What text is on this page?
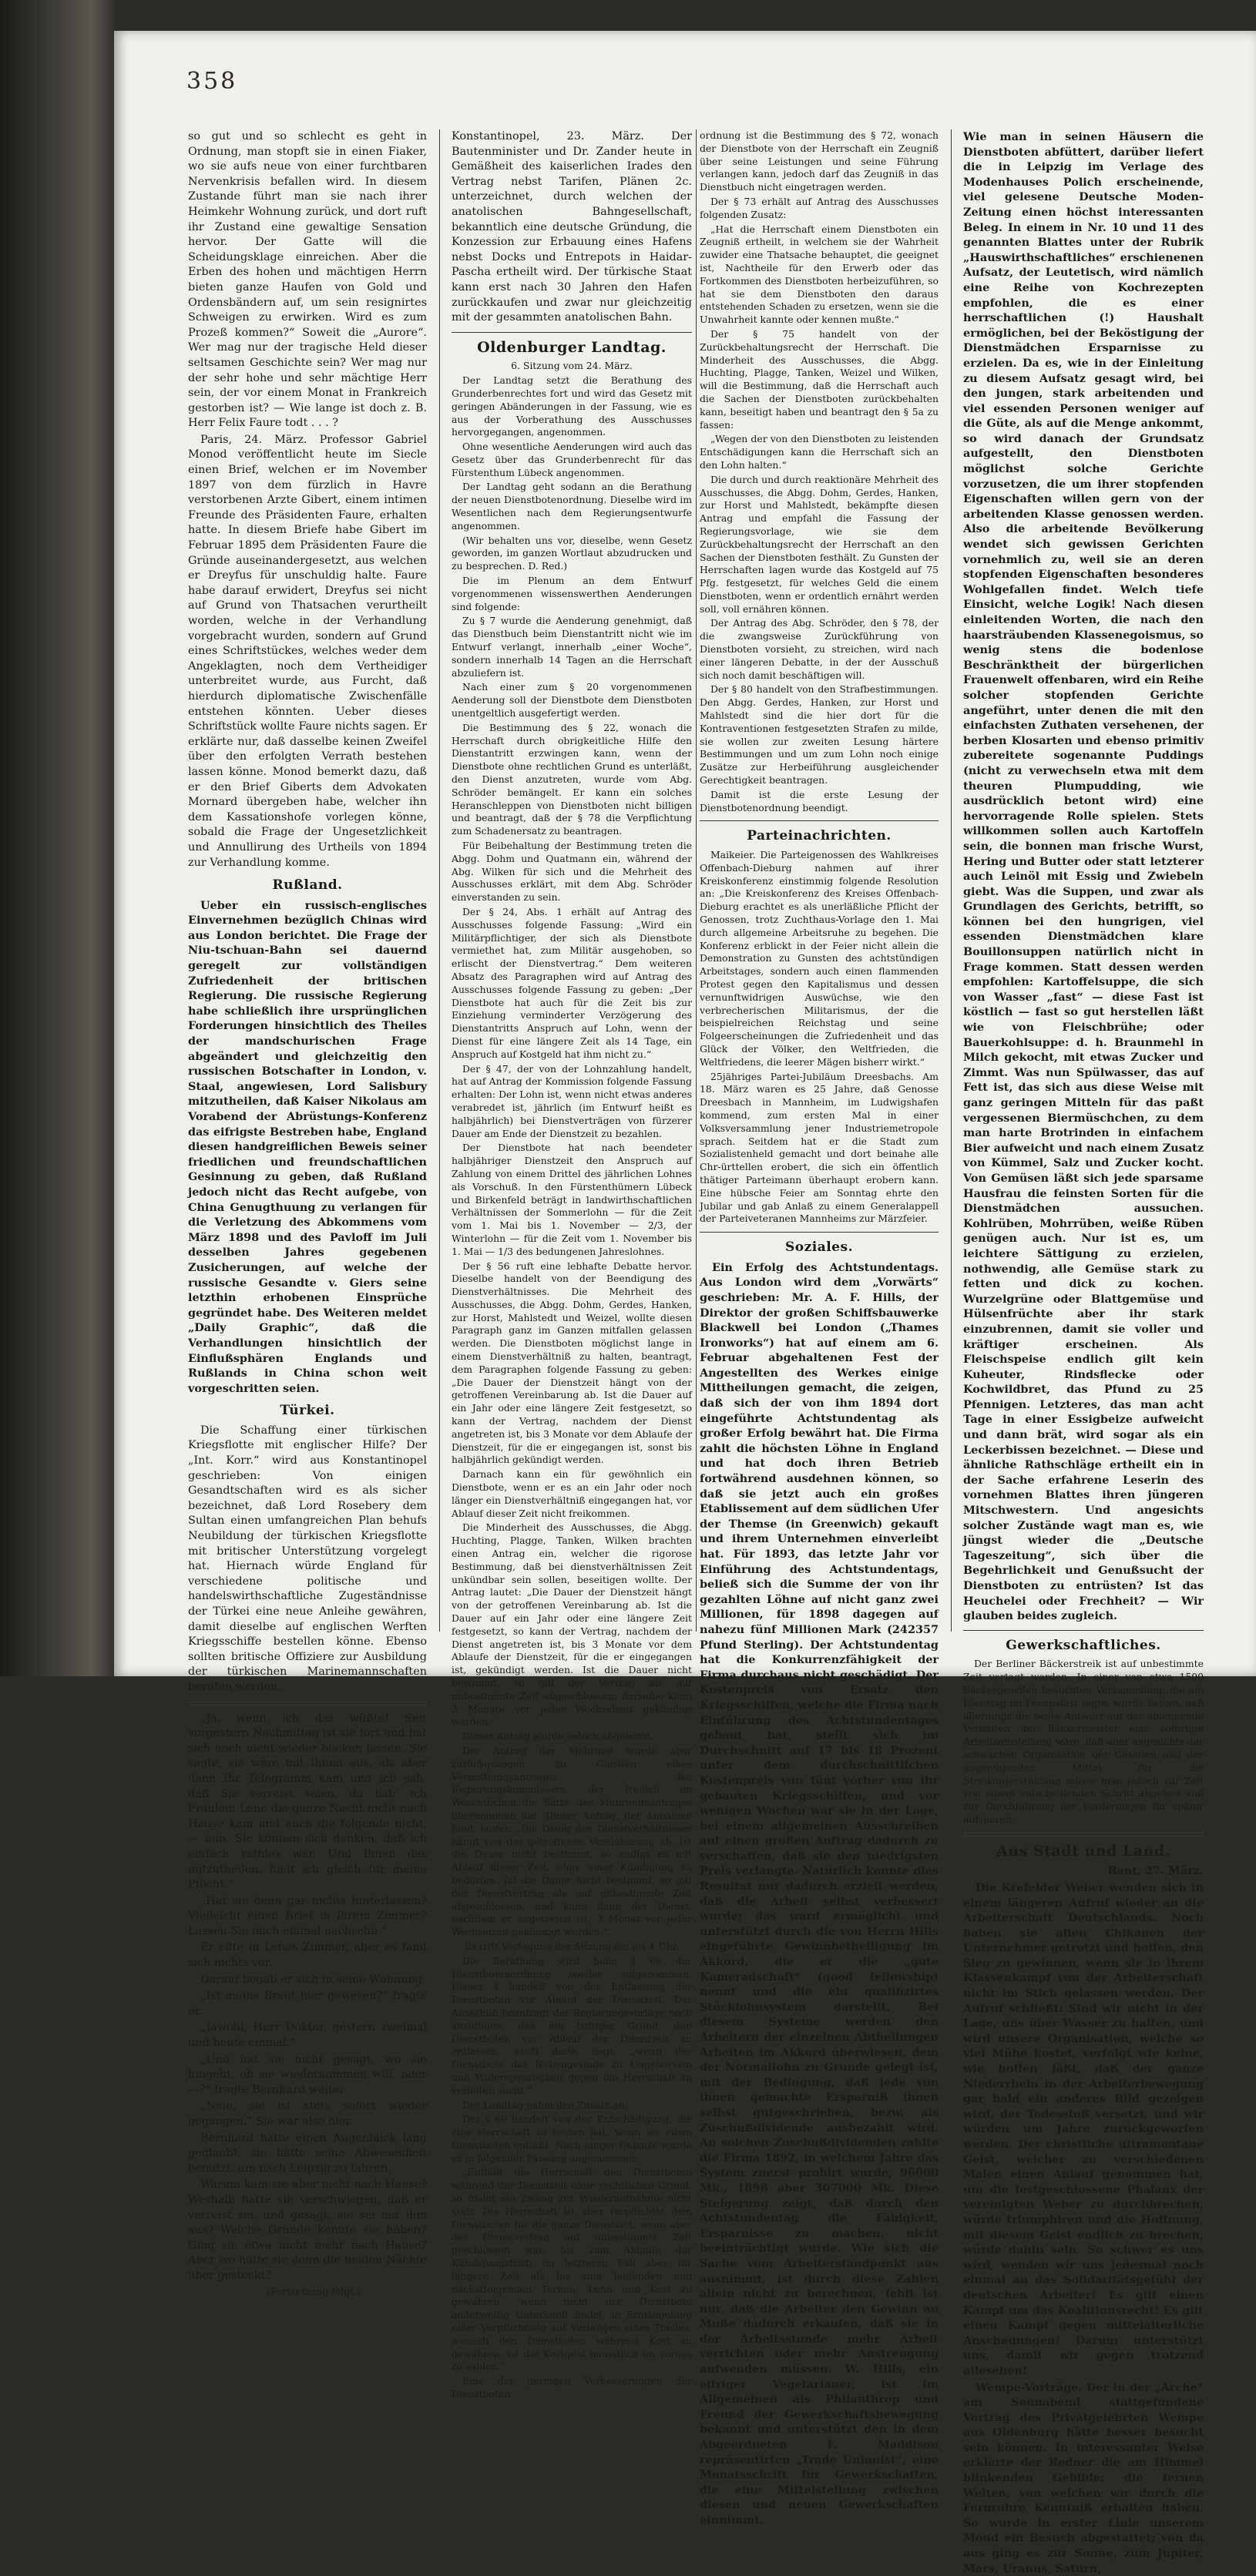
358

so gut und so schlecht es geht in Ordnung, man stopft sie in einen Fiaker, wo sie aufs neue von einer furchtbaren Nervenkrisis befallen wird. In diesem Zustande führt man sie nach ihrer Heimkehr Wohnung zurück, und dort ruft ihr Zustand eine gewaltige Sensation hervor. Der Gatte will die Scheidungsklage einreichen. Aber die Erben des hohen und mächtigen Herrn bieten ganze Haufen von Gold und Ordensbändern auf, um sein resignirtes Schweigen zu erwirken. Wird es zum Prozeß kommen?“ Soweit die „Aurore“. Wer mag nur der tragische Held dieser seltsamen Geschichte sein? Wer mag nur der sehr hohe und sehr mächtige Herr sein, der vor einem Monat in Frankreich gestorben ist? — Wie lange ist doch z. B. Herr Felix Faure todt . . . ?

Paris, 24. März. Professor Gabriel Monod veröffentlicht heute im Siecle einen Brief, welchen er im November 1897 von dem fürzlich in Havre verstorbenen Arzte Gibert, einem intimen Freunde des Präsidenten Faure, erhalten hatte. In diesem Briefe habe Gibert im Februar 1895 dem Präsidenten Faure die Gründe auseinandergesetzt, aus welchen er Dreyfus für unschuldig halte. Faure habe darauf erwidert, Dreyfus sei nicht auf Grund von Thatsachen verurtheilt worden, welche in der Verhandlung vorgebracht wurden, sondern auf Grund eines Schriftstückes, welches weder dem Angeklagten, noch dem Vertheidiger unterbreitet wurde, aus Furcht, daß hierdurch diplomatische Zwischenfälle entstehen könnten. Ueber dieses Schriftstück wollte Faure nichts sagen. Er erklärte nur, daß dasselbe keinen Zweifel über den erfolgten Verrath bestehen lassen könne. Monod bemerkt dazu, daß er den Brief Giberts dem Advokaten Mornard übergeben habe, welcher ihn dem Kassationshofe vorlegen könne, sobald die Frage der Ungesetzlichkeit und Annullirung des Urtheils von 1894 zur Verhandlung komme.

Rußland.

Ueber ein russisch-englisches Einvernehmen bezüglich Chinas wird aus London berichtet. Die Frage der Niu-tschuan-Bahn sei dauernd geregelt zur vollständigen Zufriedenheit der britischen Regierung. Die russische Regierung habe schließlich ihre ursprünglichen Forderungen hinsichtlich des Theiles der mandschurischen Frage abgeändert und gleichzeitig den russischen Botschafter in London, v. Staal, angewiesen, Lord Salisbury mitzutheilen, daß Kaiser Nikolaus am Vorabend der Abrüstungs-Konferenz das eifrigste Bestreben habe, England diesen handgreiflichen Beweis seiner friedlichen und freundschaftlichen Gesinnung zu geben, daß Rußland jedoch nicht das Recht aufgebe, von China Genugthuung zu verlangen für die Verletzung des Abkommens vom März 1898 und des Pavloff im Juli desselben Jahres gegebenen Zusicherungen, auf welche der russische Gesandte v. Giers seine letzthin erhobenen Einsprüche gegründet habe. Des Weiteren meldet „Daily Graphic“, daß die Verhandlungen hinsichtlich der Einflußsphären Englands und Rußlands in China schon weit vorgeschritten seien.

Türkei.

Die Schaffung einer türkischen Kriegsflotte mit englischer Hilfe? Der „Int. Korr.“ wird aus Konstantinopel geschrieben: Von einigen Gesandtschaften wird es als sicher bezeichnet, daß Lord Rosebery dem Sultan einen umfangreichen Plan behufs Neubildung der türkischen Kriegsflotte mit britischer Unterstützung vorgelegt hat. Hiernach würde England für verschiedene politische und handelswirthschaftliche Zugeständnisse der Türkei eine neue Anleihe gewähren, damit dieselbe auf englischen Werften Kriegsschiffe bestellen könne. Ebenso sollten britische Offiziere zur Ausbildung der türkischen Marinemannschaften berufen werden.

„Ja, wenn ich das wüßte! Seit vorgestern Nachmittag ist sie fort und hat sich noch nicht wieder blicken lassen. Sie sagte, sie wäre mit Ihnen aus, als aber dann Ihr Telegramm kam und ich sah, daß Sie verreist seien, da hab' ich Fräulein Lene die ganze Nacht nicht nach Hause kam und auch die folgende nicht, — nun, Sie können sich denken, daß ich einfach rathlos war. Und Ihnen das mitzutheilen, hielt ich gleich für meine Pflicht.“

„Hat sie denn gar nichts hinterlassen? Vielleicht einen Brief in ihrem Zimmer? Lassen Sie mich einmal nachsehn.“

Er eilte in Lenes Zimmer, aber es fand sich nichts vor.

Darauf begab er sich in seine Wohnung.

„Ist meine Braut hier gewesen?“ fragte er.

„Jawohl, Herr Doktor, gestern zweimal und heute einmal.“

„Und hat sie nicht gesagt, wo sie hingeht, ob sie wiederkommen will, oder —?“ fragte Bernhard weiter.

„Nein, sie ist stets sofort wieder gegangen.“ Sie war also hier.

Bernhard hatte einen Augenblick lang geglaubt, sie hätte seine Abwesenheit benutzt, um nach Leipzig zu fahren.

Warum kam sie aber nicht nach Hause? Weshalb hatte sie verschwiegen, daß er verreist sei, und gesagt, sie sei mit ihm aus? Welche Gründe konnte sie haben? Ging sie etwa nicht mehr nach Hause? Aber wo hatte sie denn die beiden Nächte über gesteckt?

(Fortsetzung folgt.)

Konstantinopel, 23. März. Der Bautenminister und Dr. Zander heute in Gemäßheit des kaiserlichen Irades den Vertrag nebst Tarifen, Plänen 2c. unterzeichnet, durch welchen der anatolischen Bahngesellschaft, bekanntlich eine deutsche Gründung, die Konzession zur Erbauung eines Hafens nebst Docks und Entrepots in Haidar-Pascha ertheilt wird. Der türkische Staat kann erst nach 30 Jahren den Hafen zurückkaufen und zwar nur gleichzeitig mit der gesammten anatolischen Bahn.

Oldenburger Landtag.

6. Sitzung vom 24. März.

Der Landtag setzt die Berathung des Grunderbenrechtes fort und wird das Gesetz mit geringen Abänderungen in der Fassung, wie es aus der Vorberathung des Ausschusses hervorgegangen, angenommen.

Ohne wesentliche Aenderungen wird auch das Gesetz über das Grunderbenrecht für das Fürstenthum Lübeck angenommen.

Der Landtag geht sodann an die Berathung der neuen Dienstbotenordnung. Dieselbe wird im Wesentlichen nach dem Regierungsentwurfe angenommen.

(Wir behalten uns vor, dieselbe, wenn Gesetz geworden, im ganzen Wortlaut abzudrucken und zu besprechen. D. Red.)

Die im Plenum an dem Entwurf vorgenommenen wissenswerthen Aenderungen sind folgende:

Zu § 7 wurde die Aenderung genehmigt, daß das Dienstbuch beim Dienstantritt nicht wie im Entwurf verlangt, innerhalb „einer Woche“, sondern innerhalb 14 Tagen an die Herrschaft abzuliefern ist.

Nach einer zum § 20 vorgenommenen Aenderung soll der Dienstbote dem Dienstboten unentgeltlich ausgefertigt werden.

Die Bestimmung des § 22, wonach die Herrschaft durch obrigkeitliche Hilfe den Dienstantritt erzwingen kann, wenn der Dienstbote ohne rechtlichen Grund es unterläßt, den Dienst anzutreten, wurde vom Abg. Schröder bemängelt. Er kann ein solches Heranschleppen von Dienstboten nicht billigen und beantragt, daß der § 78 die Verpflichtung zum Schadenersatz zu beantragen.

Für Beibehaltung der Bestimmung treten die Abgg. Dohm und Quatmann ein, während der Abg. Wilken für sich und die Mehrheit des Ausschusses erklärt, mit dem Abg. Schröder einverstanden zu sein.

Der § 24, Abs. 1 erhält auf Antrag des Ausschusses folgende Fassung: „Wird ein Militärpflichtiger, der sich als Dienstbote vermiethet hat, zum Militär ausgehoben, so erlischt der Dienstvertrag.“ Dem weiteren Absatz des Paragraphen wird auf Antrag des Ausschusses folgende Fassung zu geben: „Der Dienstbote hat auch für die Zeit bis zur Einziehung verminderter Verzögerung des Dienstantritts Anspruch auf Lohn, wenn der Dienst für eine längere Zeit als 14 Tage, ein Anspruch auf Kostgeld hat ihm nicht zu.“

Der § 47, der von der Lohnzahlung handelt, hat auf Antrag der Kommission folgende Fassung erhalten: Der Lohn ist, wenn nicht etwas anderes verabredet ist, jährlich (im Entwurf heißt es halbjährlich) bei Dienstverträgen von fürzerer Dauer am Ende der Dienstzeit zu bezahlen.

Der Dienstbote hat nach beendeter halbjähriger Dienstzeit den Anspruch auf Zahlung von einem Drittel des jährlichen Lohnes als Vorschuß. In den Fürstenthümern Lübeck und Birkenfeld beträgt in landwirthschaftlichen Verhältnissen der Sommerlohn — für die Zeit vom 1. Mai bis 1. November — 2/3, der Winterlohn — für die Zeit vom 1. November bis 1. Mai — 1/3 des bedungenen Jahreslohnes.

Der § 56 ruft eine lebhafte Debatte hervor. Dieselbe handelt von der Beendigung des Dienstverhältnisses. Die Mehrheit des Ausschusses, die Abgg. Dohm, Gerdes, Hanken, zur Horst, Mahlstedt und Weizel, wollte diesen Paragraph ganz im Ganzen mitfallen gelassen werden. Die Dienstboten möglichst lange in einem Dienstverhältniß zu halten, beantragt, dem Paragraphen folgende Fassung zu geben: „Die Dauer der Dienstzeit hängt von der getroffenen Vereinbarung ab. Ist die Dauer auf ein Jahr oder eine längere Zeit festgesetzt, so kann der Vertrag, nachdem der Dienst angetreten ist, bis 3 Monate vor dem Ablaufe der Dienstzeit, für die er eingegangen ist, sonst bis halbjährlich gekündigt werden.

Darnach kann ein für gewöhnlich ein Dienstbote, wenn er es an ein Jahr oder noch länger ein Dienstverhältniß eingegangen hat, vor Ablauf dieser Zeit nicht freikommen.

Die Minderheit des Ausschusses, die Abgg. Huchting, Plagge, Tanken, Wilken brachten einen Antrag ein, welcher die rigorose Bestimmung, daß bei dienstverhältnissen Zeit unkündbar sein sollen, beseitigen wollte. Der Antrag lautet: „Die Dauer der Dienstzeit hängt von der getroffenen Vereinbarung ab. Ist die Dauer auf ein Jahr oder eine längere Zeit festgesetzt, so kann der Vertrag, nachdem der Dienst angetreten ist, bis 3 Monate vor dem Ablaufe der Dienstzeit, für die er eingegangen ist, gekündigt werden. Ist die Dauer nicht bestimmt, so gilt der Vertrag als auf unbestimmte Zeit abgeschlossen; derselbe kann 3 Monate vor jeder Wechselzeit gekündigt werden.“

Dieser Antrag wurde jedoch abgelehnt.

Der Antrag der Mehrheit wurde aber zurückgezogen zu Gunsten eines Vermittlungsantrages des Regierungskommissars, der freilich im Wesentlichen die Sätze des Mehrheitsantrages übernommen hat. Dieser Antrag, der Annahme fand, lautet: „Die Dauer des Dienstverhältnisses hängt von der getroffenen Vereinbarung ab. Ist die Dauer nicht bestimmt, so endigt es mit Ablauf dieser Zeit, ohne einer Kündigung zu bedürfen. Ist die Dauer nicht bestimmt, so gilt der Dienstvertrag als auf unbestimmte Zeit abgeschlossen, und kann dann der Dienst, nachdem er angetreten ist, 3 Monat vor jeder Wechselzeit gekündigt werden.“

Es tritt Vertagung der Sitzung ein bis 4 Uhr.

Die Berathung wird beim § 66 der Dienstbotenordnung wieder aufgenommen. Dieser § handelt von der Entlassung der Dienstboten vor Ablauf der Dienstzeit. Der Ausschuß beantragt der Regierungsvorlage noch anzufügen, daß ein triftiger Grund, den Dienstboten vor Ablauf der Dienstzeit zu entlassen, auch darin liegt, „wenn der Dienstbote das Nebengesinde zu Ungehorsam und Widerspenstigkeit gegen die Herrschaft zu verleiten sucht.“

Der Landtag nahm den Zusatz an.

Der § 69 handelt von der Entschädigung, die eine Herrschaft zu leisten hat, wenn sie einen Dienstboten entläßt. Nach langer Debatte wurde er in folgender Fassung angenommen:

„Entläßt die Herrschaft den Dienstboten während der Dienstzeit ohne rechtlichen Grund, so findet ein Zwang zur Wiederaufnahme nicht statt. Die Herrschaft ist aber verpflichtet dem Dienstboten für die ganze Dienstzeit, wenn aber der Dienstvertrag auf unbestimmte Zeit geschlossen war, bis zum Ablaufe der Kündigungsfrist, im letzteren Fall aber für längere Zeit als bis zum laufenden und nächstfolgenden Termin, Lohn und Kost zu gewähren, wenn nicht der Dienstbote anderweitig Unterkunft findet, in Ermangelung einer Verpflichtung auf Verlangen eines Theiles, wonach den Dienstboten während Kost zu gewähren, ist die Kostgeld monatlich im voraus zu zahlen.“

Eine der geringen Verbesserungen der Dienstboten

ordnung ist die Bestimmung des § 72, wonach der Dienstbote von der Herrschaft ein Zeugniß über seine Leistungen und seine Führung verlangen kann, jedoch darf das Zeugniß in das Dienstbuch nicht eingetragen werden.

Der § 73 erhält auf Antrag des Ausschusses folgenden Zusatz:

„Hat die Herrschaft einem Dienstboten ein Zeugniß ertheilt, in welchem sie der Wahrheit zuwider eine Thatsache behauptet, die geeignet ist, Nachtheile für den Erwerb oder das Fortkommen des Dienstboten herbeizuführen, so hat sie dem Dienstboten den daraus entstehenden Schaden zu ersetzen, wenn sie die Unwahrheit kannte oder kennen mußte.“

Der § 75 handelt von der Zurückbehaltungsrecht der Herrschaft. Die Minderheit des Ausschusses, die Abgg. Huchting, Plagge, Tanken, Weizel und Wilken, will die Bestimmung, daß die Herrschaft auch die Sachen der Dienstboten zurückbehalten kann, beseitigt haben und beantragt den § 5a zu fassen:

„Wegen der von den Dienstboten zu leistenden Entschädigungen kann die Herrschaft sich an den Lohn halten.“

Die durch und durch reaktionäre Mehrheit des Ausschusses, die Abgg. Dohm, Gerdes, Hanken, zur Horst und Mahlstedt, bekämpfte diesen Antrag und empfahl die Fassung der Regierungsvorlage, wie sie dem Zurückbehaltungsrecht der Herrschaft an den Sachen der Dienstboten festhält. Zu Gunsten der Herrschaften lagen wurde das Kostgeld auf 75 Pfg. festgesetzt, für welches Geld die einem Dienstboten, wenn er ordentlich ernährt werden soll, voll ernähren können.

Der Antrag des Abg. Schröder, den § 78, der die zwangsweise Zurückführung von Dienstboten vorsieht, zu streichen, wird nach einer längeren Debatte, in der der Ausschuß sich noch damit beschäftigen will.

Der § 80 handelt von den Strafbestimmungen. Den Abgg. Gerdes, Hanken, zur Horst und Mahlstedt sind die hier dort für die Kontraventionen festgesetzten Strafen zu milde, sie wollen zur zweiten Lesung härtere Bestimmungen und um zum Lohn noch einige Zusätze zur Herbeiführung ausgleichender Gerechtigkeit beantragen.

Damit ist die erste Lesung der Dienstbotenordnung beendigt.

Parteinachrichten.

Maikeier. Die Parteigenossen des Wahlkreises Offenbach-Dieburg nahmen auf ihrer Kreiskonferenz einstimmig folgende Resolution an: „Die Kreiskonferenz des Kreises Offenbach-Dieburg erachtet es als unerläßliche Pflicht der Genossen, trotz Zuchthaus-Vorlage den 1. Mai durch allgemeine Arbeitsruhe zu begehen. Die Konferenz erblickt in der Feier nicht allein die Demonstration zu Gunsten des achtstündigen Arbeitstages, sondern auch einen flammenden Protest gegen den Kapitalismus und dessen vernunftwidrigen Auswüchse, wie den verbrecherischen Militarismus, der die beispielreichen Reichstag und seine Folgeerscheinungen die Zufriedenheit und das Glück der Völker, den Weltfrieden, die Weltfriedens, die leerer Mägen bisherr wirkt.“

25jähriges Partei-Jubiläum Dreesbachs. Am 18. März waren es 25 Jahre, daß Genosse Dreesbach in Mannheim, im Ludwigshafen kommend, zum ersten Mal in einer Volksversammlung jener Industriemetropole sprach. Seitdem hat er die Stadt zum Sozialistenheld gemacht und dort beinahe alle Chr-ürttellen erobert, die sich ein öffentlich thätiger Parteimann überhaupt erobern kann. Eine hübsche Feier am Sonntag ehrte den Jubilar und gab Anlaß zu einem Generalappell der Parteiveteranen Mannheims zur Märzfeier.

Soziales.

Ein Erfolg des Achtstundentags. Aus London wird dem „Vorwärts“ geschrieben: Mr. A. F. Hills, der Direktor der großen Schiffsbauwerke Blackwell bei London („Thames Ironworks“) hat auf einem am 6. Februar abgehaltenen Fest der Angestellten des Werkes einige Mittheilungen gemacht, die zeigen, daß sich der von ihm 1894 dort eingeführte Achtstundentag als großer Erfolg bewährt hat. Die Firma zahlt die höchsten Löhne in England und hat doch ihren Betrieb fortwährend ausdehnen können, so daß sie jetzt auch ein großes Etablissement auf dem südlichen Ufer der Themse (in Greenwich) gekauft und ihrem Unternehmen einverleibt hat. Für 1893, das letzte Jahr vor Einführung des Achtstundentags, beließ sich die Summe der von ihr gezahlten Löhne auf nicht ganz zwei Millionen, für 1898 dagegen auf nahezu fünf Millionen Mark (242357 Pfund Sterling). Der Achtstundentag hat die Konkurrenzfähigkeit der Firma durchaus nicht geschädigt. Der Kostenpreis von Ersatz den Kriegsschiffen, welche die Firma nach Einführung des Achtstundentages gebaut hat, stellt sich im Durchschnitt auf 17 bis 18 Prozent unter dem durchschnittlichen Kostenpreis von fünf vorher von ihr gebauten Kriegsschiffen, und vor wenigen Wochen war sie in der Lage, bei einem allgemeinen Ausschreiben auf einen großen Auftrag dadurch zu verschaffen, daß sie den niedrigsten Preis verlangte. Natürlich konnte dies Resultat nur dadurch erzielt werden, daß die Arbeit selbst verbessert wurde; das ward ermöglicht und unterstützt durch die von Herrn Hills eingeführte Gewinnbetheiligung im Akkord, die er die „gute Kameradschaft“ (good fellowship) nennt und die ein qualifizirtes Stücklohnsystem darstellt. Bei diesem Systeme werden den Arbeitern der einzelnen Abtheilungen Arbeiten im Akkord überwiesen, dem der Normallohn zu Grunde gelegt ist, mit der Bedingung, daß jede von ihnen gemachte Ersparniß ihnen selbst gutgeschrieben, bezw. als Zuschußdividende ausbezahlt wird. An solchen Zuschußdividenden zahlte die Firma 1892, in welchem Jahre das System zuerst probirt wurde, 96000 Mk., 1898 aber 307000 Mk. Diese Steigerung zeigt, daß durch den Achtstundentag die Fähigkeit, Ersparnisse zu machen, nicht beeinträchtigt wurde. Wie sich die Sache vom Arbeiterstandpunkt aus ausnimmt, ist durch diese Zahlen allein nicht zu berechnen, fehlt ist nur, daß die Arbeiter den Gewinn an Muße dadurch erkaufen, daß sie in der Arbeitsstunde mehr Arbeit verrichten oder mehr Anstrengung aufwenden müssen. W. Hills, ein eifriger Vegetarianer, ist im Allgemeinen als Philanthrop und Freund der Gewerkschaftsbewegung bekannt und unterstützt den in dem Abgeordneten F. Maddison repräsentirten „Trade Unionist“, eine Monatsschrift für Gewerkschaften, die eine Mittelstellung zwischen diesen und neuen Gewerkschaften einnimmt.

Wie man in seinen Häusern die Dienstboten abfüttert, darüber liefert die in Leipzig im Verlage des Modenhauses Polich erscheinende, viel gelesene Deutsche Moden-Zeitung einen höchst interessanten Beleg. In einem in Nr. 10 und 11 des genannten Blattes unter der Rubrik „Hauswirthschaftliches“ erschienenen Aufsatz, der Leutetisch, wird nämlich eine Reihe von Kochrezepten empfohlen, die es einer herrschaftlichen (!) Haushalt ermöglichen, bei der Beköstigung der Dienstmädchen Ersparnisse zu erzielen. Da es, wie in der Einleitung zu diesem Aufsatz gesagt wird, bei den jungen, stark arbeitenden und viel essenden Personen weniger auf die Güte, als auf die Menge ankommt, so wird danach der Grundsatz aufgestellt, den Dienstboten möglichst solche Gerichte vorzusetzen, die um ihrer stopfenden Eigenschaften willen gern von der arbeitenden Klasse genossen werden. Also die arbeitende Bevölkerung wendet sich gewissen Gerichten vornehmlich zu, weil sie an deren stopfenden Eigenschaften besonderes Wohlgefallen findet. Welch tiefe Einsicht, welche Logik! Nach diesen einleitenden Worten, die nach den haarsträubenden Klassenegoismus, so wenig stens die bodenlose Beschränktheit der bürgerlichen Frauenwelt offenbaren, wird ein Reihe solcher stopfenden Gerichte angeführt, unter denen die mit den einfachsten Zuthaten versehenen, der berben Klosarten und ebenso primitiv zubereitete sogenannte Puddings (nicht zu verwechseln etwa mit dem theuren Plumpudding, wie ausdrücklich betont wird) eine hervorragende Rolle spielen. Stets willkommen sollen auch Kartoffeln sein, die bonnen man frische Wurst, Hering und Butter oder statt letzterer auch Leinöl mit Essig und Zwiebeln giebt. Was die Suppen, und zwar als Grundlagen des Gerichts, betrifft, so können bei den hungrigen, viel essenden Dienstmädchen klare Bouillonsuppen natürlich nicht in Frage kommen. Statt dessen werden empfohlen: Kartoffelsuppe, die sich von Wasser „fast“ — diese Fast ist köstlich — fast so gut herstellen läßt wie von Fleischbrühe; oder Bauerkohlsuppe: d. h. Braunmehl in Milch gekocht, mit etwas Zucker und Zimmt. Was nun Spülwasser, das auf Fett ist, das sich aus diese Weise mit ganz geringen Mitteln für das paßt vergessenen Biermüschchen, zu dem man harte Brotrinden in einfachem Bier aufweicht und nach einem Zusatz von Kümmel, Salz und Zucker kocht. Von Gemüsen läßt sich jede sparsame Hausfrau die feinsten Sorten für die Dienstmädchen aussuchen. Kohlrüben, Mohrrüben, weiße Rüben genügen auch. Nur ist es, um leichtere Sättigung zu erzielen, nothwendig, alle Gemüse stark zu fetten und dick zu kochen. Wurzelgrüne oder Blattgemüse und Hülsenfrüchte aber ihr stark einzubrennen, damit sie voller und kräftiger erscheinen. Als Fleischspeise endlich gilt kein Kuheuter, Rindsflecke oder Kochwildbret, das Pfund zu 25 Pfennigen. Letzteres, das man acht Tage in einer Essigbeize aufweicht und dann brät, wird sogar als ein Leckerbissen bezeichnet. — Diese und ähnliche Rathschläge ertheilt ein in der Sache erfahrene Leserin des vornehmen Blattes ihren jüngeren Mitschwestern. Und angesichts solcher Zustände wagt man es, wie jüngst wieder die „Deutsche Tageszeitung“, sich über die Begehrlichkeit und Genußsucht der Dienstboten zu entrüsten? Ist das Heuchelei oder Frechheit? — Wir glauben beides zugleich.

Gewerkschaftliches.

Der Berliner Bäckerstreik ist auf unbestimmte Zeit vertagt worden. In einer von etwa 1500 Bäckergesellen besuchten Versammlung, die am Dienstag im Feenpalast tagte, wurde betont, daß allerdings die beste Antwort auf das ablehnende Verhalten der Bäckermeister eine sofortige Arbeitseinstellung wäre, daß aber angesichts der schwachen Organisation der Gesellen und der ungenügenden Mittel für die Streikunterstützung müsse man jedoch zur Zeit von einem entscheidenden Schritt abgehen und zur Durchführung der Forderungen für später aufsparen.

Aus Stadt und Land.

Bant, 27. März.

Die Krefelder Weber wenden sich in einem längeren Aufruf wieder an die Arbeiterschaft Deutschlands. Noch haben sie allen Chikanen der Unternehmer getrotzt und hoffen, den Sieg zu gewinnen, wenn sie in ihrem Klassenkampf von der Arbeiterschaft nicht im Stich gelassen werden. Der Aufruf schließt: Sind wir nicht in der Lage, uns über Wasser zu halten, und wird unsere Organisation, welche so viel Mühe kostet, verfolgt wie keine, wie hoffen läßt, daß der ganze Niederrhein in der Arbeiterbewegung gar bald ein anderes Bild gezeigen wird, der Todesstoß versetzt, und wir würden um Jahre zurückgeworfen werden. Der christliche ultramontane Geist, welcher zu verschiedenen Malen einen Anlauf genommen hat, um die festgeschlossene Phalanx der vereinigten Weber zu durchbrechen, würde triumphiren und die Hoffnung, mit diesem Geist endlich zu brechen, würde dahin sein. So schwer es uns wird, wenden wir uns jedesmal noch einmal an das Solidaritätsgefühl der deutschen Arbeiter! Es gilt einen Kampf um das Koalitionsrecht! Es gilt einen Kampf gegen mittelalterliche Anschauungen! Darum unterstützt uns, damit wir gegen trotzend allesehen!

Wempe-Vorträge. Der in der „Arche“ am Sonnabend stattgefundene Vortrag des Privatgelehrten Wempe aus Oldenburg hätte besser besucht sein können. In interessanter Weise erklärte der Redner die am Himmel blinkenden Gebilde: die fernen Welten, von welchen wir durch die Fernrohre Kenntniß erhalten haben. So wurde in erster Linie unserem Mond ein Besuch abgestattet; von da aus ging es zur Sonne, zum Jupiter, Mars, Uranus, Saturn,
